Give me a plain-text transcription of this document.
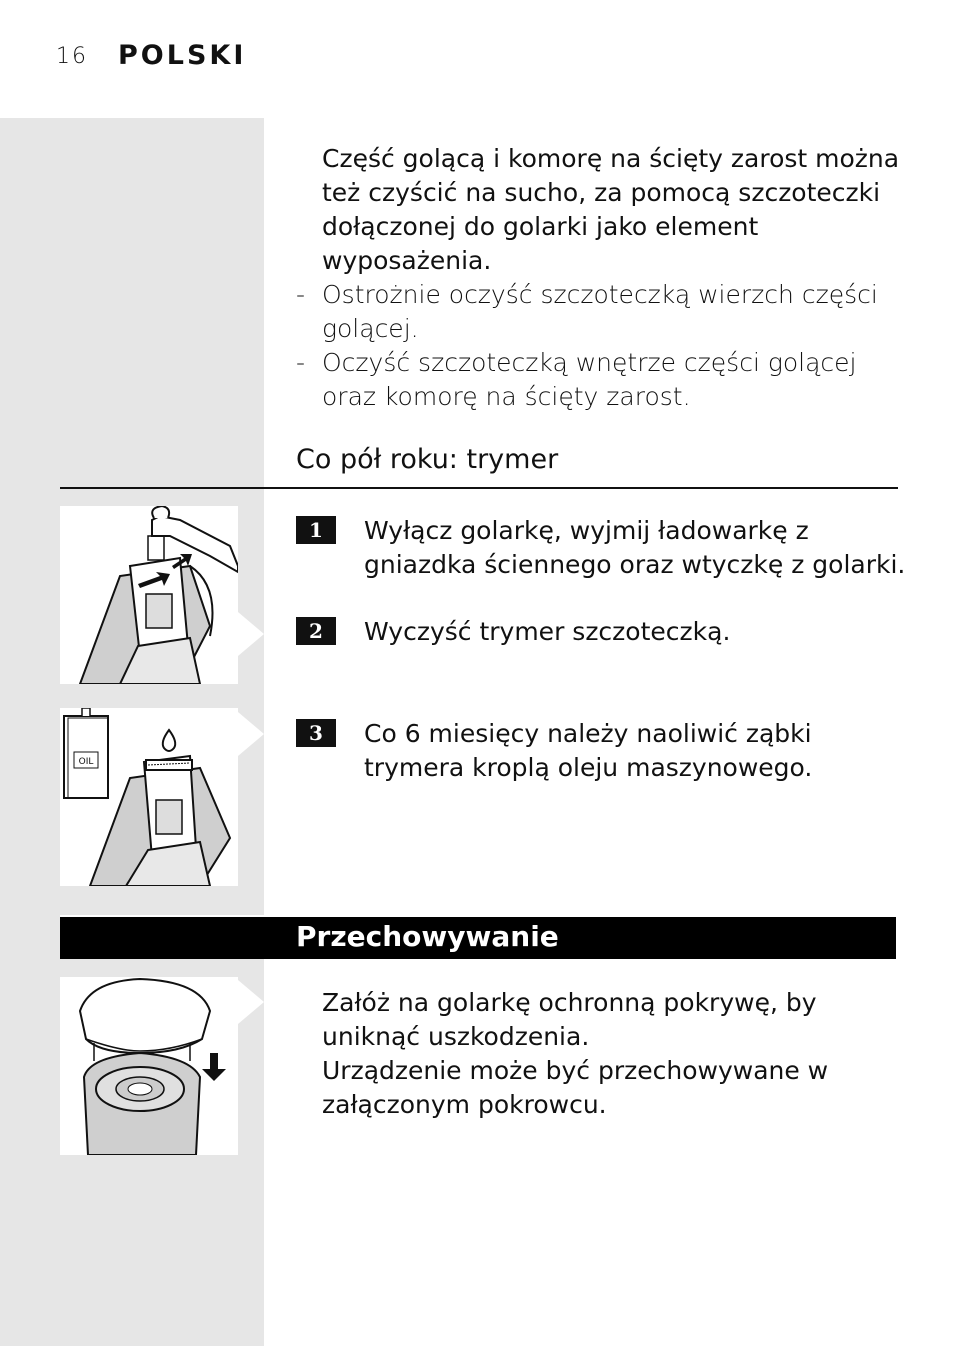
16 POLSKI
Część golącą i komorę na ścięty zarost można też czyścić na sucho, za pomocą szczoteczki dołączonej do golarki jako element wyposażenia.
- Ostrożnie oczyść szczoteczką wierzch części golącej.
- Oczyść szczoteczką wnętrze części golącej oraz komorę na ścięty zarost.
Co pół roku: trymer
OIL
1	Wyłącz golarkę, wyjmij ładowarkę z gniazdka ściennego oraz wtyczkę z golarki.
2	Wyczyść trymer szczoteczką.
3	Co 6 miesięcy należy naoliwić ząbki trymera kroplą oleju maszynowego.
Przechowywanie
Załóż na golarkę ochronną pokrywę, by uniknąć uszkodzenia.
Urządzenie może być przechowywane w załączonym pokrowcu.
